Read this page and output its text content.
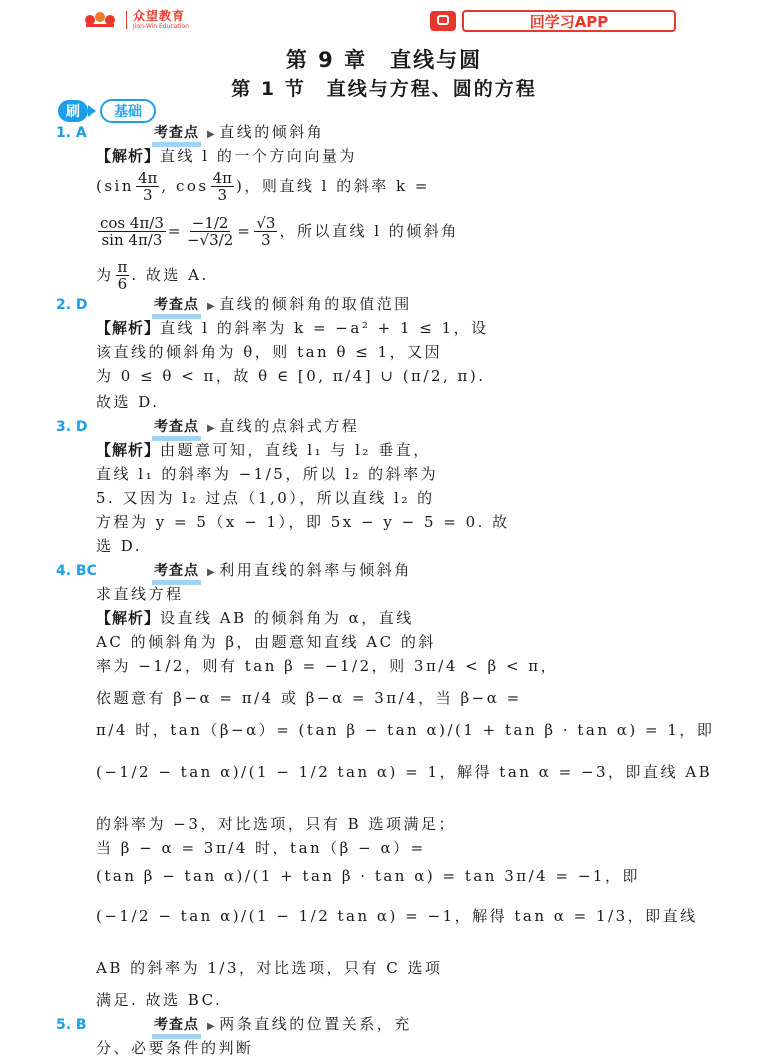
众望教育
Jion-Win Education	回学习APP
第 9 章　直线与圆
第 1 节　直线与方程、圆的方程
刷	基础
1. A	考查点 ▶ 直线的倾斜角
【解析】直线 l 的一个方向向量为
($\sin \frac{4\pi}{3}$ , $\cos \frac{4\pi}{3}$ ) ，则直线 l 的斜率 k =
$\frac{\cos 4\pi/3}{\sin 4\pi/3} = \frac{-1/2}{-√3/2} = \frac{√3}{3}$ ，所以直线 l 的倾斜角
为 $\frac{\pi}{6}$ . 故选 A.
2. D	考查点 ▶ 直线的倾斜角的取值范围
【解析】直线 l 的斜率为 k = −a² + 1 ≤ 1，设
该直线的倾斜角为 θ，则 tan θ ≤ 1，又因
为 0 ≤ θ < π，故 θ ∈ [0, π/4] ∪ (π/2, π).
故选 D.
3. D	考查点 ▶ 直线的点斜式方程
【解析】由题意可知，直线 l₁ 与 l₂ 垂直，
直线 l₁ 的斜率为 −1/5，所以 l₂ 的斜率为
5. 又因为 l₂ 过点（1,0），所以直线 l₂ 的
方程为 y = 5（x − 1），即 5x − y − 5 = 0. 故
选 D.
4. BC	考查点 ▶ 利用直线的斜率与倾斜角
求直线方程
【解析】设直线 AB 的倾斜角为 α，直线
AC 的倾斜角为 β，由题意知直线 AC 的斜
率为 −1/2，则有 tan β = −1/2，则 3π/4 < β < π，
依题意有 β−α = π/4 或 β−α = 3π/4，当 β−α =
π/4 时，tan（β−α）= (tan β − tan α)/(1 + tan β · tan α) = 1，即
(−1/2 − tan α)/(1 − 1/2 tan α) = 1，解得 tan α = −3，即直线 AB
的斜率为 −3，对比选项，只有 B 选项满足；
当 β − α = 3π/4 时，tan（β − α）=
(tan β − tan α)/(1 + tan β · tan α) = tan 3π/4 = −1，即
(−1/2 − tan α)/(1 − 1/2 tan α) = −1，解得 tan α = 1/3，即直线
AB 的斜率为 1/3，对比选项，只有 C 选项
满足. 故选 BC.
5. B	考查点 ▶ 两条直线的位置关系，充
分、必要条件的判断
